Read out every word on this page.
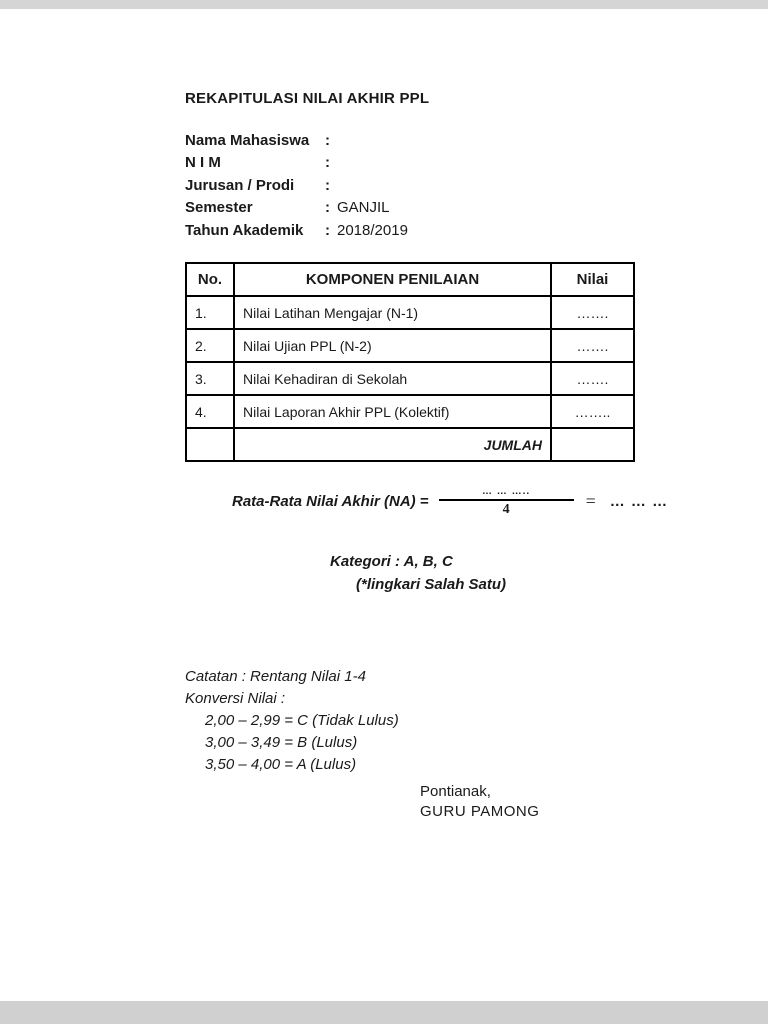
REKAPITULASI NILAI AKHIR PPL
Nama Mahasiswa	:
N I M	:
Jurusan / Prodi	:
Semester	: GANJIL
Tahun Akademik	: 2018/2019
No.	KOMPONEN PENILAIAN	Nilai
1.	Nilai Latihan Mengajar (N-1)	…….
2.	Nilai Ujian PPL (N-2)	…….
3.	Nilai Kehadiran di Sekolah	…….
4.	Nilai Laporan Akhir PPL (Kolektif)	……..
	JUMLAH	
Rata-Rata Nilai Akhir $(NA) = \frac{\dots \dots \dots..}{4}$ = … … …
Kategori : A, B, C
(*lingkari Salah Satu)
Catatan : Rentang Nilai 1-4
Konversi Nilai :
2,00 – 2,99 = C (Tidak Lulus)
3,00 – 3,49 = B (Lulus)
3,50 – 4,00 = A (Lulus)
Pontianak,
GURU PAMONG
